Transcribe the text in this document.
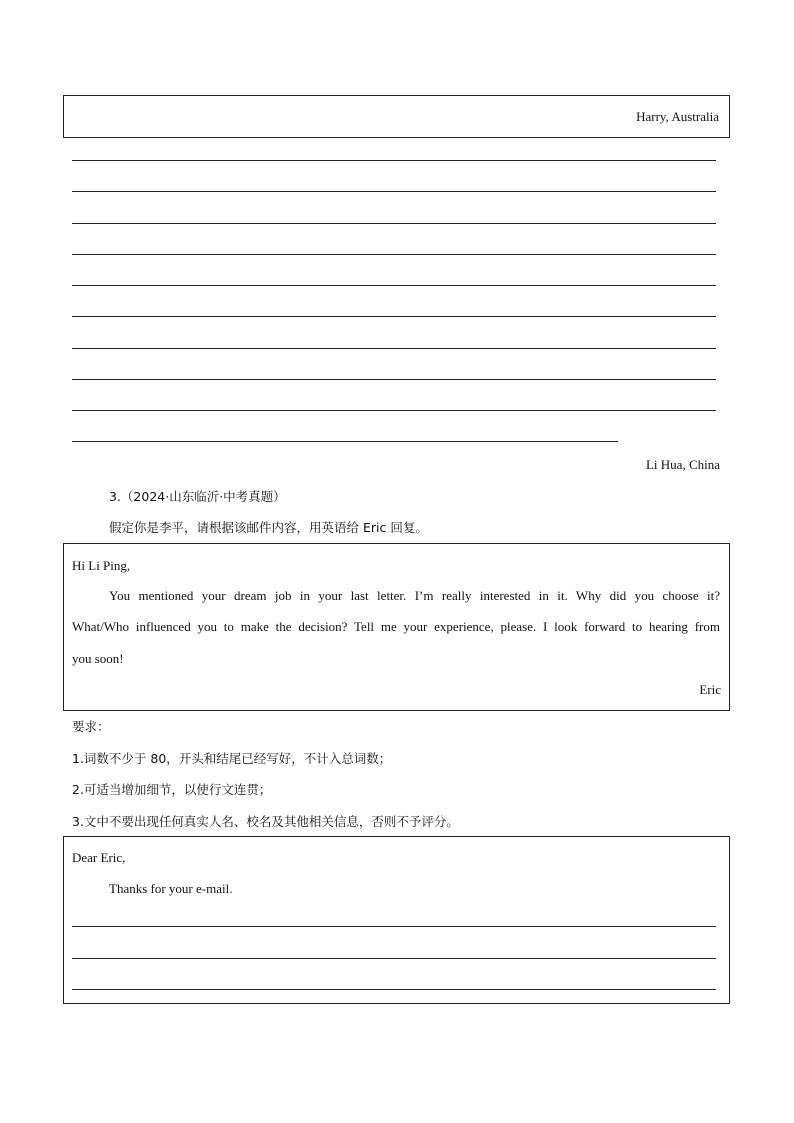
Harry, Australia
Li Hua, China
3.（2024·山东临沂·中考真题）
假定你是李平，请根据该邮件内容，用英语给 Eric 回复。
Hi Li Ping,
You mentioned your dream job in your last letter. I’m really interested in it. Why did you choose it?
What/Who influenced you to make the decision? Tell me your experience, please. I look forward to hearing from
you soon!
Eric
要求：
1.词数不少于 80，开头和结尾已经写好，不计入总词数；
2.可适当增加细节，以使行文连贯；
3.文中不要出现任何真实人名、校名及其他相关信息，否则不予评分。
Dear Eric,
Thanks for your e-mail.
